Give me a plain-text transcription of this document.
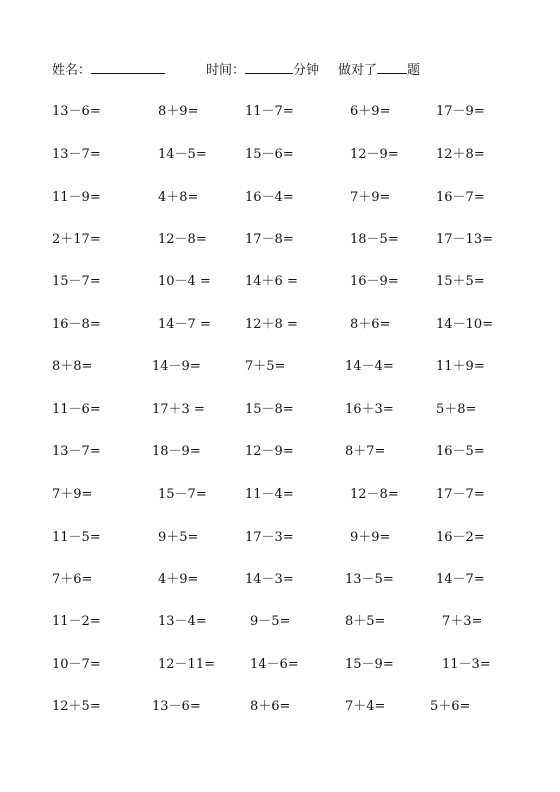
姓名：	时间：	分钟 做对了 题
13－6=	8＋9=	11－7=	6＋9=	17－9=
13－7=	14－5=	15－6=	12－9=	12＋8=
11－9=	4＋8=	16－4=	7＋9=	16－7=
2＋17=	12－8=	17－8=	18－5=	17－13=
15－7=	10－4 =	14＋6 =	16－9=	15＋5=
16－8=	14－7 =	12＋8 =	8＋6=	14－10=
8＋8=	14－9=	7＋5=	14－4=	11＋9=
11－6=	17＋3 =	15－8=	16＋3=	5＋8=
13－7=	18－9=	12－9=	8＋7=	16－5=
7＋9=	15－7=	11－4=	12－8=	17－7=
11－5=	9＋5=	17－3=	9＋9=	16－2=
7＋6=	4＋9=	14－3=	13－5=	14－7=
11－2=	13－4=	9－5=	8＋5=	7＋3=
10－7=	12－11=	14－6=	15－9=	11－3=
12＋5=	13－6=	8＋6=	7＋4=	5＋6=
